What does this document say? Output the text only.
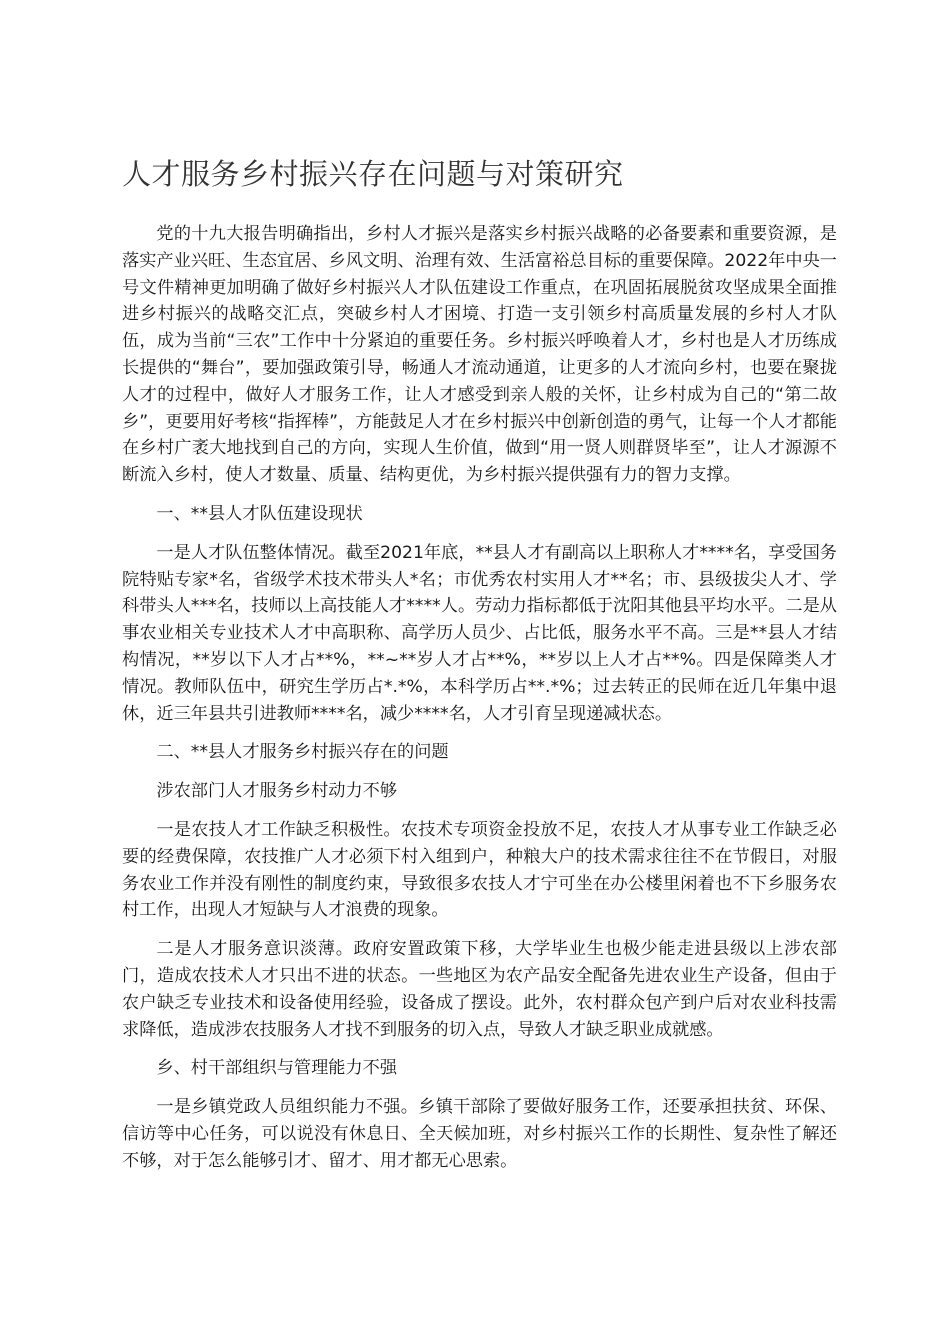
人才服务乡村振兴存在问题与对策研究

党的十九大报告明确指出，乡村人才振兴是落实乡村振兴战略的必备要素和重要资源，是落实产业兴旺、生态宜居、乡风文明、治理有效、生活富裕总目标的重要保障。2022年中央一号文件精神更加明确了做好乡村振兴人才队伍建设工作重点，在巩固拓展脱贫攻坚成果全面推进乡村振兴的战略交汇点，突破乡村人才困境、打造一支引领乡村高质量发展的乡村人才队伍，成为当前“三农”工作中十分紧迫的重要任务。乡村振兴呼唤着人才，乡村也是人才历练成长提供的“舞台”，要加强政策引导，畅通人才流动通道，让更多的人才流向乡村，也要在聚拢人才的过程中，做好人才服务工作，让人才感受到亲人般的关怀，让乡村成为自己的“第二故乡”，更要用好考核“指挥棒”，方能鼓足人才在乡村振兴中创新创造的勇气，让每一个人才都能在乡村广袤大地找到自己的方向，实现人生价值，做到“用一贤人则群贤毕至”，让人才源源不断流入乡村，使人才数量、质量、结构更优，为乡村振兴提供强有力的智力支撑。

一、**县人才队伍建设现状

一是人才队伍整体情况。截至2021年底，**县人才有副高以上职称人才****名，享受国务院特贴专家*名，省级学术技术带头人*名；市优秀农村实用人才**名；市、县级拔尖人才、学科带头人***名，技师以上高技能人才****人。劳动力指标都低于沈阳其他县平均水平。二是从事农业相关专业技术人才中高职称、高学历人员少、占比低，服务水平不高。三是**县人才结构情况，**岁以下人才占**%，**~**岁人才占**%，**岁以上人才占**%。四是保障类人才情况。教师队伍中，研究生学历占*.*%，本科学历占**.*%；过去转正的民师在近几年集中退休，近三年县共引进教师****名，减少****名，人才引育呈现递减状态。

二、**县人才服务乡村振兴存在的问题

涉农部门人才服务乡村动力不够

一是农技人才工作缺乏积极性。农技术专项资金投放不足，农技人才从事专业工作缺乏必要的经费保障，农技推广人才必须下村入组到户，种粮大户的技术需求往往不在节假日，对服务农业工作并没有刚性的制度约束，导致很多农技人才宁可坐在办公楼里闲着也不下乡服务农村工作，出现人才短缺与人才浪费的现象。

二是人才服务意识淡薄。政府安置政策下移，大学毕业生也极少能走进县级以上涉农部门，造成农技术人才只出不进的状态。一些地区为农产品安全配备先进农业生产设备，但由于农户缺乏专业技术和设备使用经验，设备成了摆设。此外，农村群众包产到户后对农业科技需求降低，造成涉农技服务人才找不到服务的切入点，导致人才缺乏职业成就感。

乡、村干部组织与管理能力不强

一是乡镇党政人员组织能力不强。乡镇干部除了要做好服务工作，还要承担扶贫、环保、信访等中心任务，可以说没有休息日、全天候加班，对乡村振兴工作的长期性、复杂性了解还不够，对于怎么能够引才、留才、用才都无心思索。
